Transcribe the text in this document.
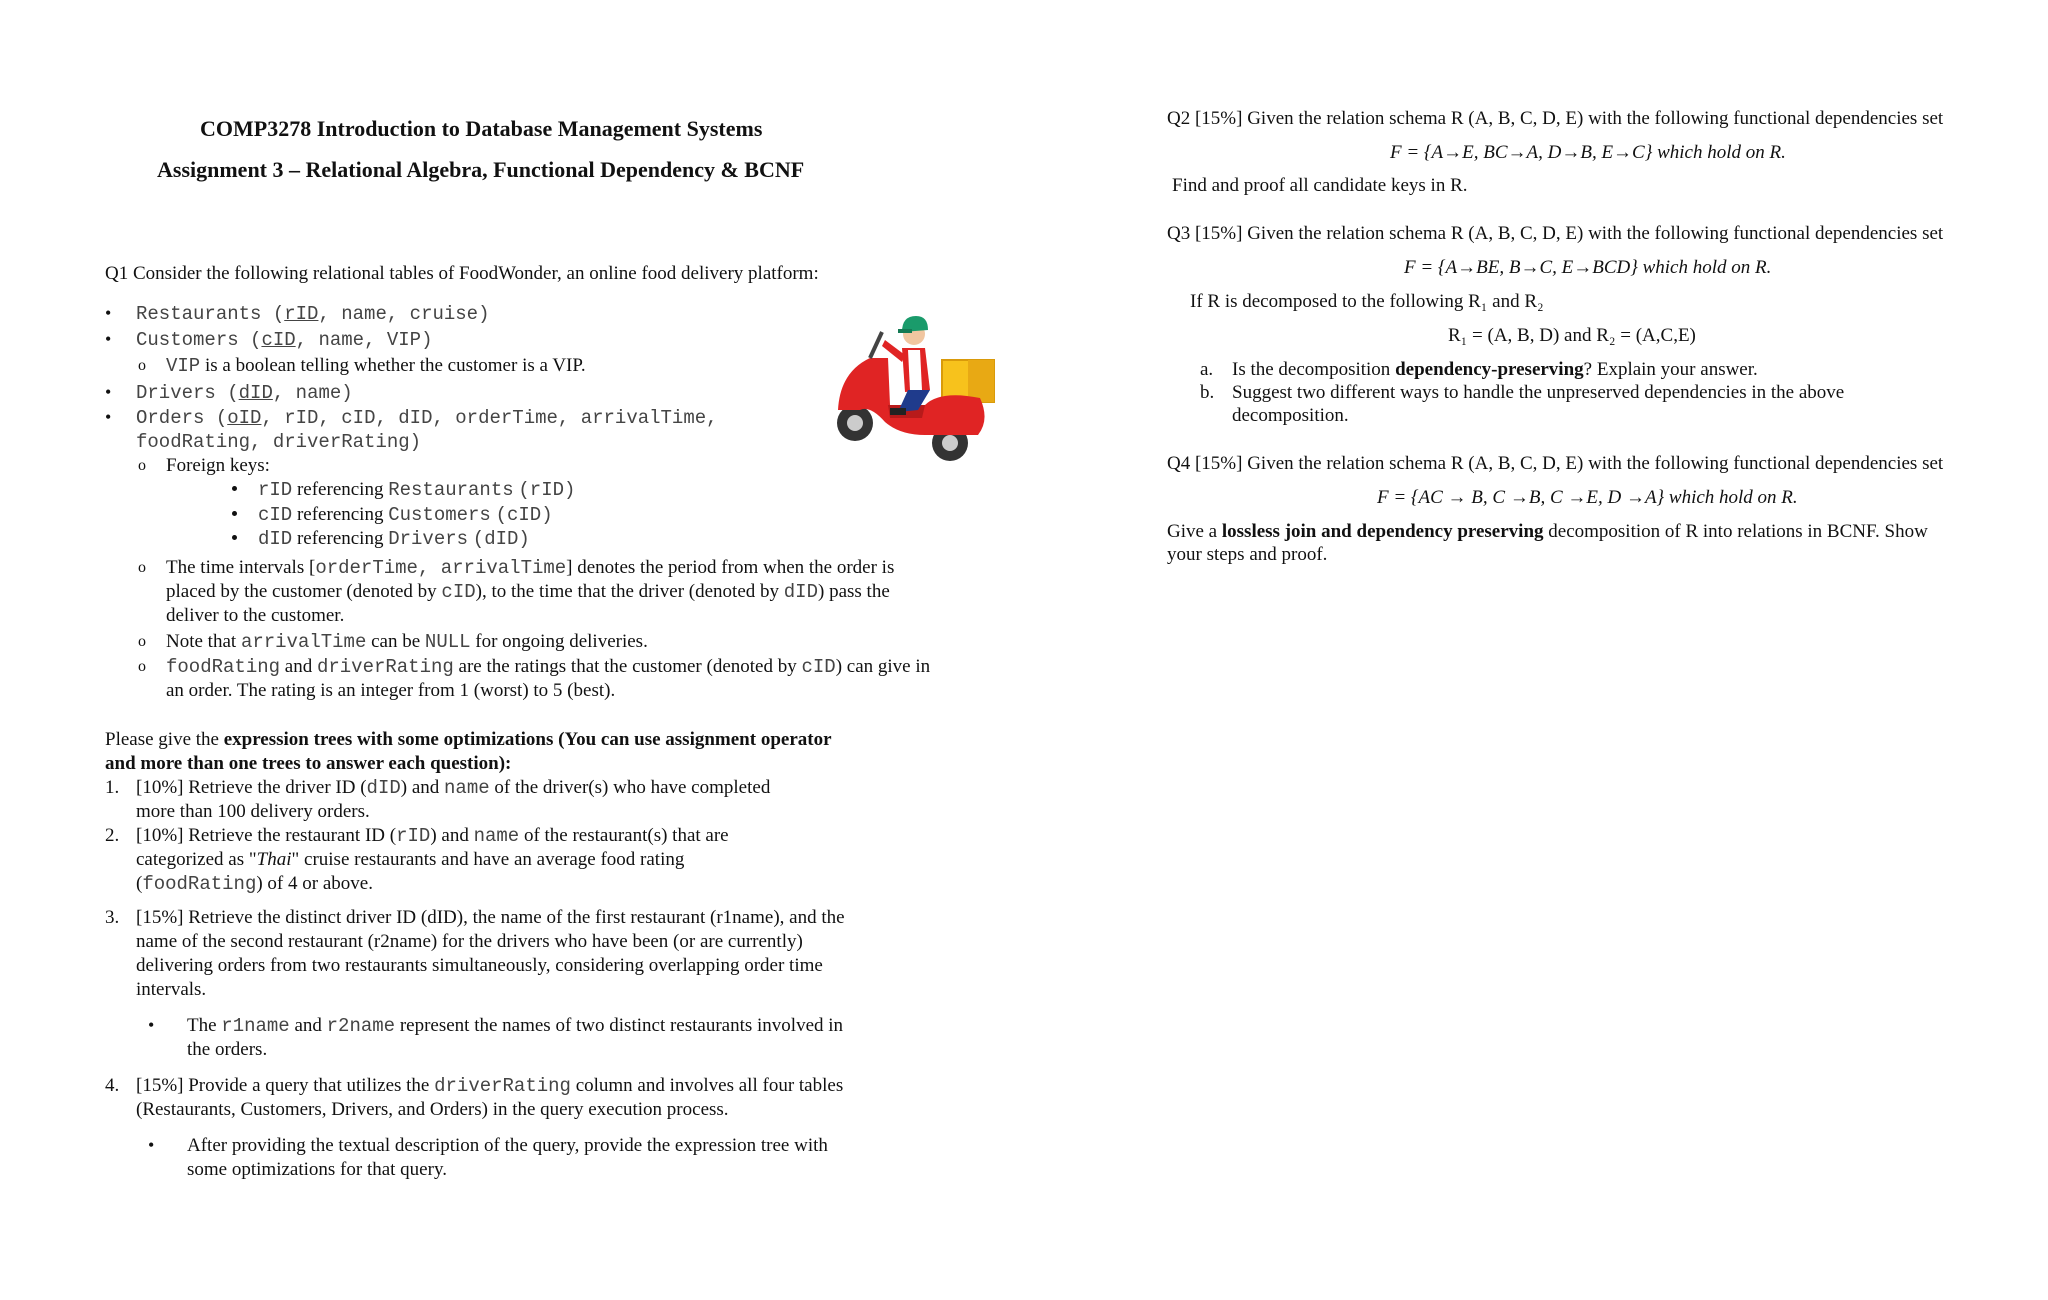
COMP3278 Introduction to Database Management Systems
Assignment 3 – Relational Algebra, Functional Dependency & BCNF
Q1 Consider the following relational tables of FoodWonder, an online food delivery platform:
• Restaurants (rID, name, cruise)
• Customers (cID, name, VIP)
o VIP is a boolean telling whether the customer is a VIP.
• Drivers (dID, name)
• Orders (oID, rID, cID, dID, orderTime, arrivalTime,
foodRating, driverRating)
o Foreign keys:
rID referencing Restaurants (rID)
cID referencing Customers (cID)
dID referencing Drivers (dID)
o The time intervals [orderTime, arrivalTime] denotes the period from when the order is
placed by the customer (denoted by cID), to the time that the driver (denoted by dID) pass the
deliver to the customer.
o Note that arrivalTime can be NULL for ongoing deliveries.
o foodRating and driverRating are the ratings that the customer (denoted by cID) can give in
an order. The rating is an integer from 1 (worst) to 5 (best).
Please give the expression trees with some optimizations (You can use assignment operator
and more than one trees to answer each question):
1. [10%] Retrieve the driver ID (dID) and name of the driver(s) who have completed
more than 100 delivery orders.
2. [10%] Retrieve the restaurant ID (rID) and name of the restaurant(s) that are
categorized as "Thai" cruise restaurants and have an average food rating
(foodRating) of 4 or above.
3. [15%] Retrieve the distinct driver ID (dID), the name of the first restaurant (r1name), and the
name of the second restaurant (r2name) for the drivers who have been (or are currently)
delivering orders from two restaurants simultaneously, considering overlapping order time
intervals.
• The r1name and r2name represent the names of two distinct restaurants involved in
the orders.
4. [15%] Provide a query that utilizes the driverRating column and involves all four tables
(Restaurants, Customers, Drivers, and Orders) in the query execution process.
• After providing the textual description of the query, provide the expression tree with
some optimizations for that query.
Q2 [15%] Given the relation schema R (A, B, C, D, E) with the following functional dependencies set
F = {A→E, BC→A, D→B, E→C} which hold on R.
Find and proof all candidate keys in R.
Q3 [15%] Given the relation schema R (A, B, C, D, E) with the following functional dependencies set
F = {A→BE, B→C, E→BCD} which hold on R.
If R is decomposed to the following R₁ and R₂
R₁ = (A, B, D) and R₂ = (A,C,E)
a. Is the decomposition dependency-preserving? Explain your answer.
b. Suggest two different ways to handle the unpreserved dependencies in the above
decomposition.
Q4 [15%] Given the relation schema R (A, B, C, D, E) with the following functional dependencies set
F = {AC → B, C →B, C →E, D →A} which hold on R.
Give a lossless join and dependency preserving decomposition of R into relations in BCNF. Show
your steps and proof.
